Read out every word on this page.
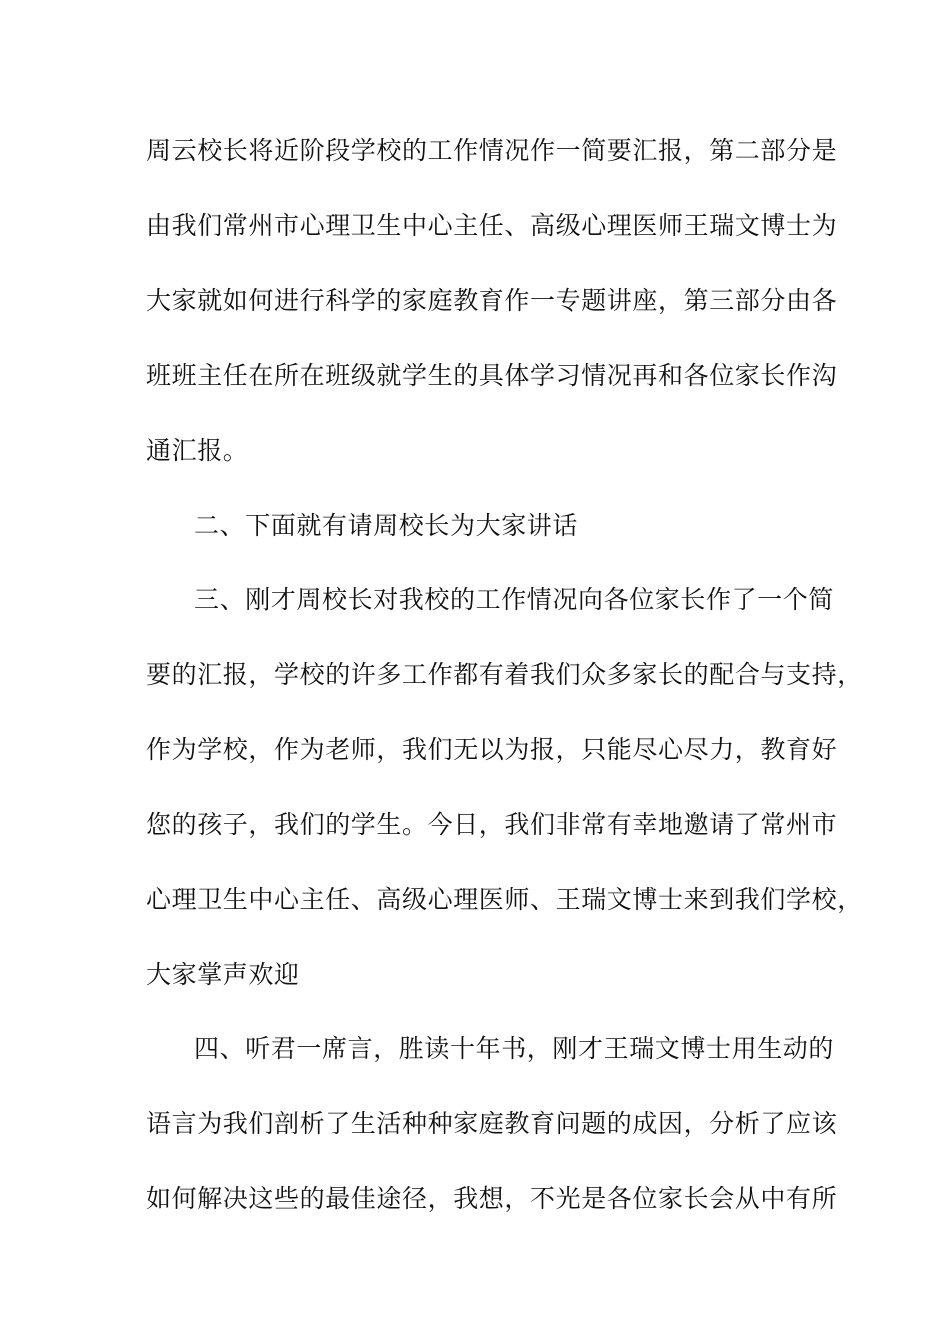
周云校长将近阶段学校的工作情况作一简要汇报，第二部分是
由我们常州市心理卫生中心主任、高级心理医师王瑞文博士为
大家就如何进行科学的家庭教育作一专题讲座，第三部分由各
班班主任在所在班级就学生的具体学习情况再和各位家长作沟
通汇报。
二、下面就有请周校长为大家讲话
三、刚才周校长对我校的工作情况向各位家长作了一个简
要的汇报，学校的许多工作都有着我们众多家长的配合与支持，
作为学校，作为老师，我们无以为报，只能尽心尽力，教育好
您的孩子，我们的学生。今日，我们非常有幸地邀请了常州市
心理卫生中心主任、高级心理医师、王瑞文博士来到我们学校，
大家掌声欢迎
四、听君一席言，胜读十年书，刚才王瑞文博士用生动的
语言为我们剖析了生活种种家庭教育问题的成因，分析了应该
如何解决这些的最佳途径，我想，不光是各位家长会从中有所
